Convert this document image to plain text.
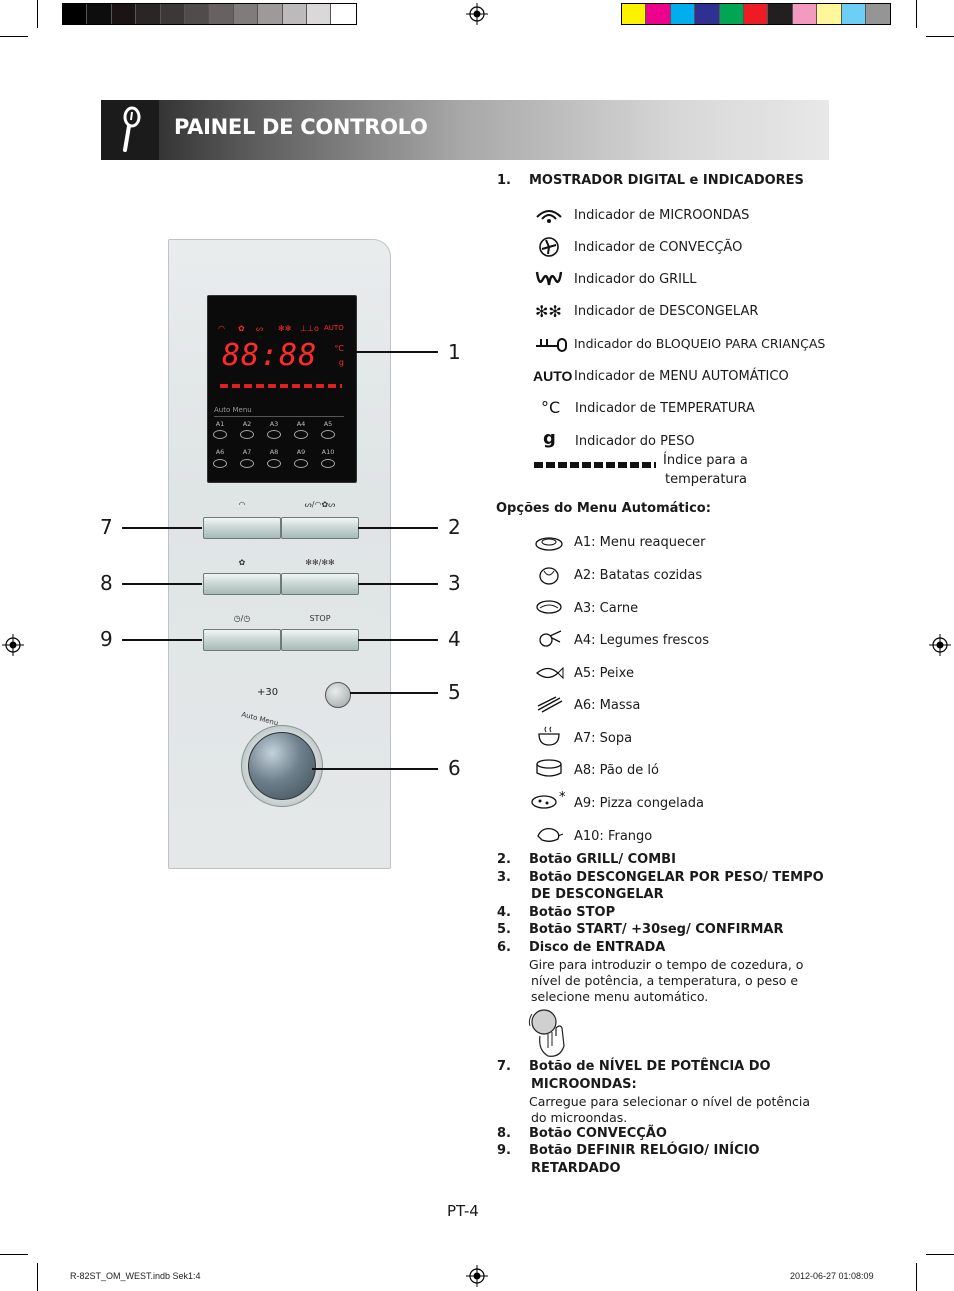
PAINEL DE CONTROLO
◠ ✿ ᔕ ✻✻ ⊥⊥o AUTO
88:88 °C
g
Auto Menu
A1	A2	A3	A4	A5
A6	A7	A8	A9	A10
◠	ᔕ/◠✿ᔕ
✿	✻✻/✻✻
◷/◷	STOP
+30
Auto Menu
1
2
3
4
5
6
7
8
9
1. MOSTRADOR DIGITAL e INDICADORES
Indicador de MICROONDAS
Indicador de CONVECÇÃO
Indicador do GRILL
✻✻ Indicador de DESCONGELAR
Indicador do BLOQUEIO PARA CRIANÇAS
AUTO Indicador de MENU AUTOMÁTICO
°C Indicador de TEMPERATURA
g Indicador do PESO
Índice para a
temperatura
Opções do Menu Automático:
A1: Menu reaquecer
A2: Batatas cozidas
A3: Carne
A4: Legumes frescos
A5: Peixe
A6: Massa
A7: Sopa
A8: Pão de ló
* A9: Pizza congelada
A10: Frango
2. Botão GRILL/ COMBI
3. Botão DESCONGELAR POR PESO/ TEMPO
DE DESCONGELAR
4. Botão STOP
5. Botão START/ +30seg/ CONFIRMAR
6. Disco de ENTRADA
Gire para introduzir o tempo de cozedura, o
nível de potência, a temperatura, o peso e
selecione menu automático.
7. Botão de NÍVEL DE POTÊNCIA DO
MICROONDAS:
Carregue para selecionar o nível de potência
do microondas.
8. Botão CONVECÇÃO
9. Botão DEFINIR RELÓGIO/ INÍCIO
RETARDADO
PT-4
R-82ST_OM_WEST.indb Sek1:4	2012-06-27 01:08:09
